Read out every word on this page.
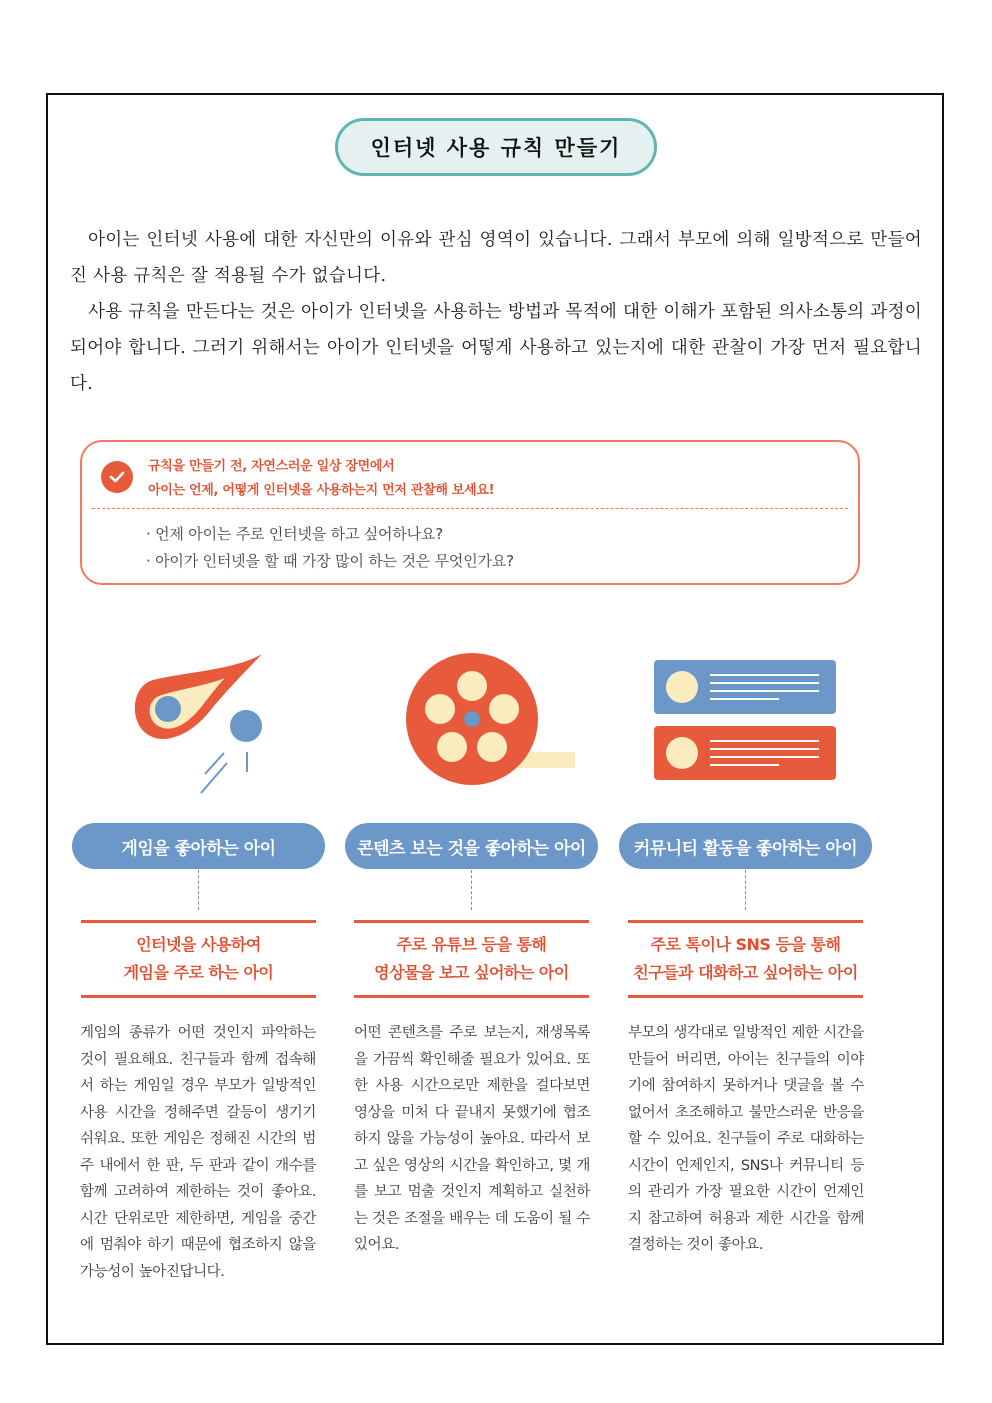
인터넷 사용 규칙 만들기

아이는 인터넷 사용에 대한 자신만의 이유와 관심 영역이 있습니다. 그래서 부모에 의해 일방적으로 만들어진 사용 규칙은 잘 적용될 수가 없습니다.

사용 규칙을 만든다는 것은 아이가 인터넷을 사용하는 방법과 목적에 대한 이해가 포함된 의사소통의 과정이 되어야 합니다. 그러기 위해서는 아이가 인터넷을 어떻게 사용하고 있는지에 대한 관찰이 가장 먼저 필요합니다.

규칙을 만들기 전, 자연스러운 일상 장면에서
아이는 언제, 어떻게 인터넷을 사용하는지 먼저 관찰해 보세요!
· 언제 아이는 주로 인터넷을 하고 싶어하나요?
· 아이가 인터넷을 할 때 가장 많이 하는 것은 무엇인가요?
게임을 좋아하는 아이
인터넷을 사용하여
게임을 주로 하는 아이
게임의 종류가 어떤 것인지 파악하는 것이 필요해요. 친구들과 함께 접속해서 하는 게임일 경우 부모가 일방적인 사용 시간을 정해주면 갈등이 생기기 쉬워요. 또한 게임은 정해진 시간의 범주 내에서 한 판, 두 판과 같이 개수를 함께 고려하여 제한하는 것이 좋아요. 시간 단위로만 제한하면, 게임을 중간에 멈춰야 하기 때문에 협조하지 않을 가능성이 높아진답니다.
콘텐츠 보는 것을 좋아하는 아이
주로 유튜브 등을 통해
영상물을 보고 싶어하는 아이
어떤 콘텐츠를 주로 보는지, 재생목록을 가끔씩 확인해줄 필요가 있어요. 또한 사용 시간으로만 제한을 걸다보면 영상을 미처 다 끝내지 못했기에 협조하지 않을 가능성이 높아요. 따라서 보고 싶은 영상의 시간을 확인하고, 몇 개를 보고 멈출 것인지 계획하고 실천하는 것은 조절을 배우는 데 도움이 될 수 있어요.
커뮤니티 활동을 좋아하는 아이
주로 톡이나 SNS 등을 통해
친구들과 대화하고 싶어하는 아이
부모의 생각대로 일방적인 제한 시간을 만들어 버리면, 아이는 친구들의 이야기에 참여하지 못하거나 댓글을 볼 수 없어서 초조해하고 불만스러운 반응을 할 수 있어요. 친구들이 주로 대화하는 시간이 언제인지, SNS나 커뮤니티 등의 관리가 가장 필요한 시간이 언제인지 참고하여 허용과 제한 시간을 함께 결정하는 것이 좋아요.
